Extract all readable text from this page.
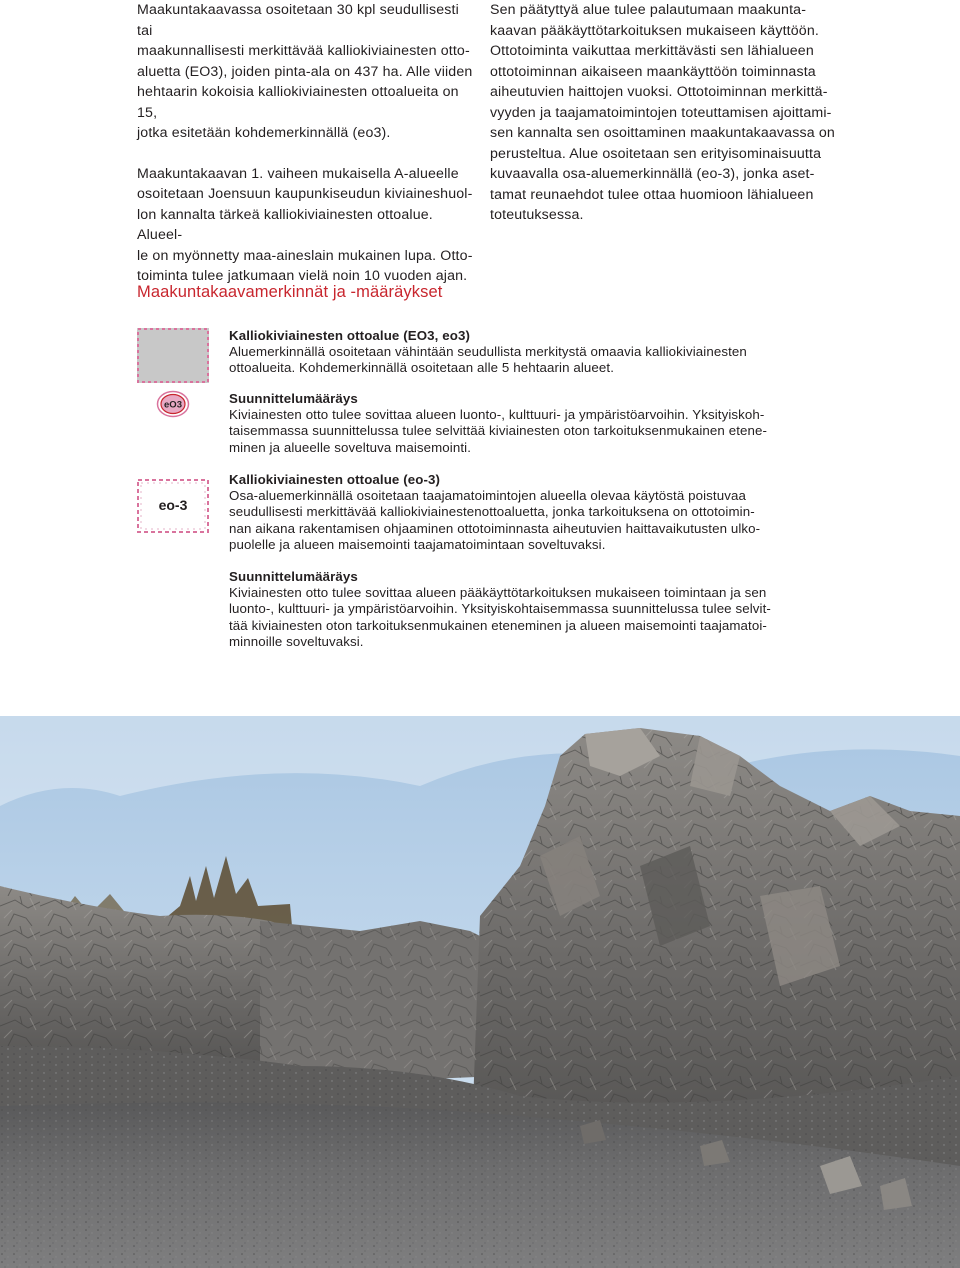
Maakuntakaavassa osoitetaan 30 kpl seudullisesti tai
maakunnallisesti merkittävää kalliokiviainesten otto-
aluetta (EO3), joiden pinta-ala on 437 ha. Alle viiden
hehtaarin kokoisia kalliokiviainesten ottoalueita on 15,
jotka esitetään kohdemerkinnällä (eo3).

Maakuntakaavan 1. vaiheen mukaisella A-alueelle
osoitetaan Joensuun kaupunkiseudun kiviaineshuol-
lon kannalta tärkeä kalliokiviainesten ottoalue. Alueel-
le on myönnetty maa-aineslain mukainen lupa. Otto-
toiminta tulee jatkumaan vielä noin 10 vuoden ajan.

Sen päätyttyä alue tulee palautumaan maakunta-
kaavan pääkäyttötarkoituksen mukaiseen käyttöön.
Ottotoiminta vaikuttaa merkittävästi sen lähialueen
ottotoiminnan aikaiseen maankäyttöön toiminnasta
aiheutuvien haittojen vuoksi. Ottotoiminnan merkittä-
vyyden ja taajamatoimintojen toteuttamisen ajoittami-
sen kannalta sen osoittaminen maakuntakaavassa on
perusteltua. Alue osoitetaan sen erityisominaisuutta
kuvaavalla osa-aluemerkinnällä (eo-3), jonka aset-
tamat reunaehdot tulee ottaa huomioon lähialueen
toteutuksessa.

Maakuntakaavamerkinnät ja -määräykset
eO3
eo-3

Kalliokiviainesten ottoalue (EO3, eo3)

Aluemerkinnällä osoitetaan vähintään seudullista merkitystä omaavia kalliokiviainesten
ottoalueita. Kohdemerkinnällä osoitetaan alle 5 hehtaarin alueet.

Suunnittelumääräys

Kiviainesten otto tulee sovittaa alueen luonto-, kulttuuri- ja ympäristöarvoihin. Yksityiskoh-
taisemmassa suunnittelussa tulee selvittää kiviainesten oton tarkoituksenmukainen etene-
minen ja alueelle soveltuva maisemointi.

Kalliokiviainesten ottoalue (eo-3)

Osa-aluemerkinnällä osoitetaan taajamatoimintojen alueella olevaa käytöstä poistuvaa
seudullisesti merkittävää kalliokiviainestenottoaluetta, jonka tarkoituksena on ottotoimin-
nan aikana rakentamisen ohjaaminen ottotoiminnasta aiheutuvien haittavaikutusten ulko-
puolelle ja alueen maisemointi taajamatoimintaan soveltuvaksi.

Suunnittelumääräys

Kiviainesten otto tulee sovittaa alueen pääkäyttötarkoituksen mukaiseen toimintaan ja sen
luonto-, kulttuuri- ja ympäristöarvoihin. Yksityiskohtaisemmassa suunnittelussa tulee selvit-
tää kiviainesten oton tarkoituksenmukainen eteneminen ja alueen maisemointi taajamatoi-
minnoille soveltuvaksi.
